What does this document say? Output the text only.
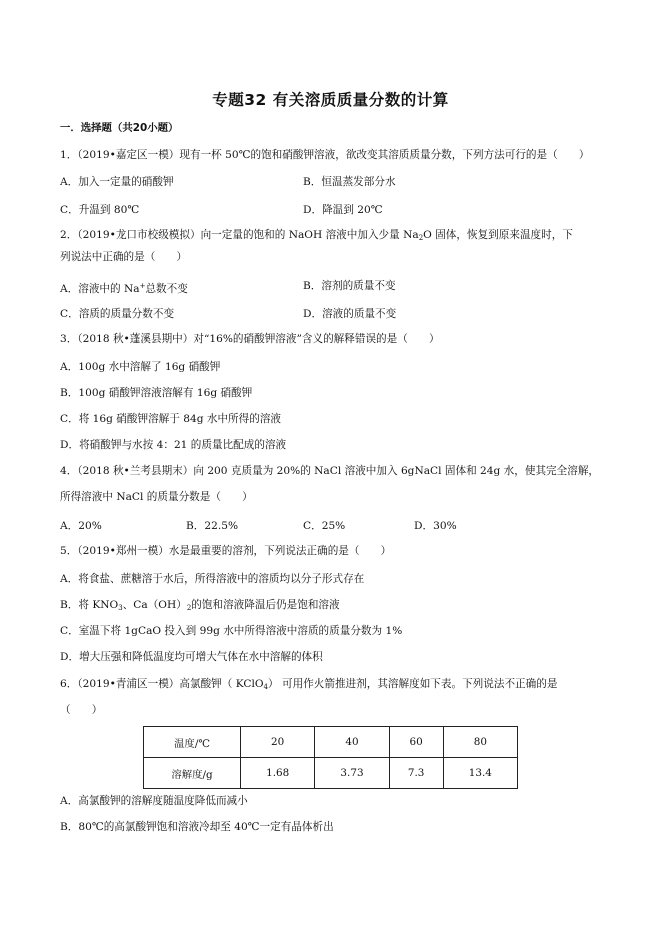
专题32 有关溶质质量分数的计算
一．选择题（共20小题）
1．（2019•嘉定区一模）现有一杯 50℃的饱和硝酸钾溶液，欲改变其溶质质量分数，下列方法可行的是（　　）
A．加入一定量的硝酸钾	B．恒温蒸发部分水
C．升温到 80℃	D．降温到 20℃
2．（2019•龙口市校级模拟）向一定量的饱和的 NaOH 溶液中加入少量 $Na_2O$ 固体，恢复到原来温度时，下
列说法中正确的是（　　）
A．溶液中的 Na+总数不变	B．溶剂的质量不变
C．溶质的质量分数不变	D．溶液的质量不变
3．（2018 秋•蓬溪县期中）对“16%的硝酸钾溶液”含义的解释错误的是（　　）
A．100g 水中溶解了 16g 硝酸钾
B．100g 硝酸钾溶液溶解有 16g 硝酸钾
C．将 16g 硝酸钾溶解于 84g 水中所得的溶液
D．将硝酸钾与水按 4：21 的质量比配成的溶液
4．（2018 秋•兰考县期末）向 200 克质量为 20%的 NaCl 溶液中加入 6gNaCl 固体和 24g 水，使其完全溶解，
所得溶液中 NaCl 的质量分数是（　　）
A．20%	B．22.5%	C．25%	D．30%
5．（2019•郑州一模）水是最重要的溶剂，下列说法正确的是（　　）
A．将食盐、蔗糖溶于水后，所得溶液中的溶质均以分子形式存在
B．将 $KNO_3$、$Ca(OH)_2$的饱和溶液降温后仍是饱和溶液
C．室温下将 1gCaO 投入到 99g 水中所得溶液中溶质的质量分数为 1%
D．增大压强和降低温度均可增大气体在水中溶解的体积
6．（2019•青浦区一模）高氯酸钾（ KClO$_4$） 可用作火箭推进剂，其溶解度如下表。下列说法不正确的是
（　　）
温度/℃	20	40	60	80
溶解度/g	1.68	3.73	7.3	13.4
A．高氯酸钾的溶解度随温度降低而减小
B．80℃的高氯酸钾饱和溶液冷却至 40℃一定有晶体析出
